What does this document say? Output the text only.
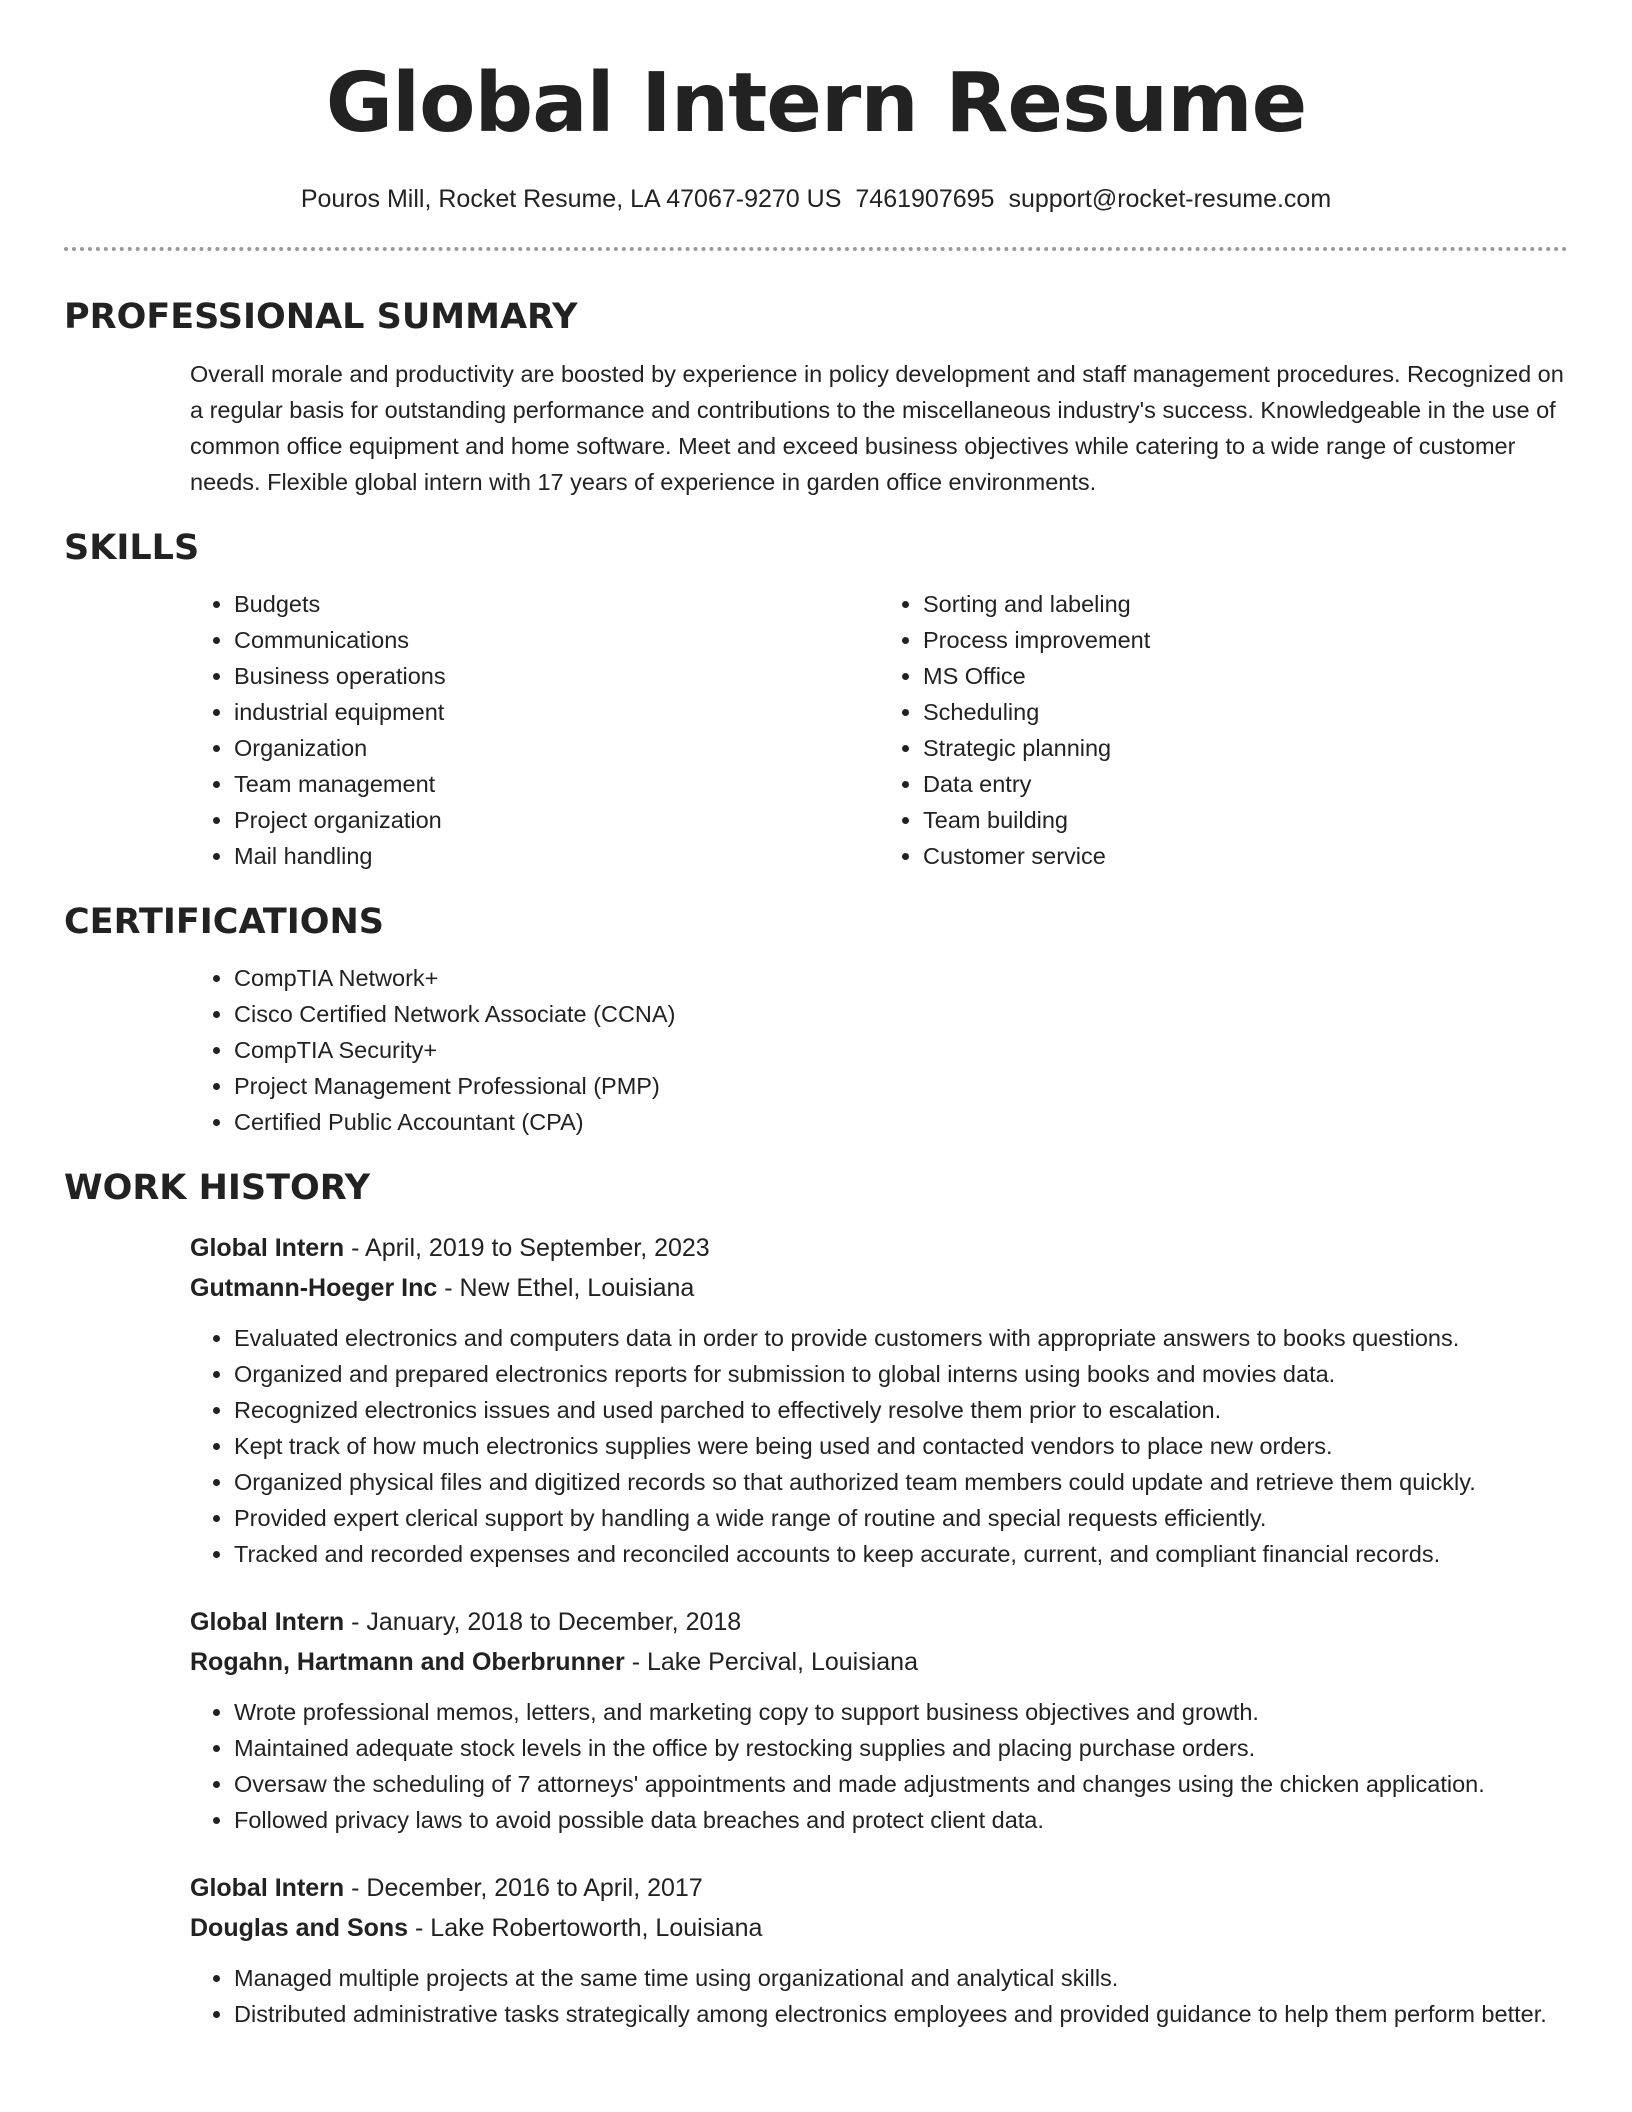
Global Intern Resume
Pouros Mill, Rocket Resume, LA 47067-9270 US 7461907695 support@rocket-resume.com
PROFESSIONAL SUMMARY
Overall morale and productivity are boosted by experience in policy development and staff management procedures. Recognized on a regular basis for outstanding performance and contributions to the miscellaneous industry's success. Knowledgeable in the use of common office equipment and home software. Meet and exceed business objectives while catering to a wide range of customer needs. Flexible global intern with 17 years of experience in garden office environments.
SKILLS
• Budgets
• Communications
• Business operations
• industrial equipment
• Organization
• Team management
• Project organization
• Mail handling
• Sorting and labeling
• Process improvement
• MS Office
• Scheduling
• Strategic planning
• Data entry
• Team building
• Customer service
CERTIFICATIONS
• CompTIA Network+
• Cisco Certified Network Associate (CCNA)
• CompTIA Security+
• Project Management Professional (PMP)
• Certified Public Accountant (CPA)
WORK HISTORY
Global Intern - April, 2019 to September, 2023
Gutmann-Hoeger Inc - New Ethel, Louisiana
• Evaluated electronics and computers data in order to provide customers with appropriate answers to books questions.
• Organized and prepared electronics reports for submission to global interns using books and movies data.
• Recognized electronics issues and used parched to effectively resolve them prior to escalation.
• Kept track of how much electronics supplies were being used and contacted vendors to place new orders.
• Organized physical files and digitized records so that authorized team members could update and retrieve them quickly.
• Provided expert clerical support by handling a wide range of routine and special requests efficiently.
• Tracked and recorded expenses and reconciled accounts to keep accurate, current, and compliant financial records.
Global Intern - January, 2018 to December, 2018
Rogahn, Hartmann and Oberbrunner - Lake Percival, Louisiana
• Wrote professional memos, letters, and marketing copy to support business objectives and growth.
• Maintained adequate stock levels in the office by restocking supplies and placing purchase orders.
• Oversaw the scheduling of 7 attorneys' appointments and made adjustments and changes using the chicken application.
• Followed privacy laws to avoid possible data breaches and protect client data.
Global Intern - December, 2016 to April, 2017
Douglas and Sons - Lake Robertoworth, Louisiana
• Managed multiple projects at the same time using organizational and analytical skills.
• Distributed administrative tasks strategically among electronics employees and provided guidance to help them perform better.
